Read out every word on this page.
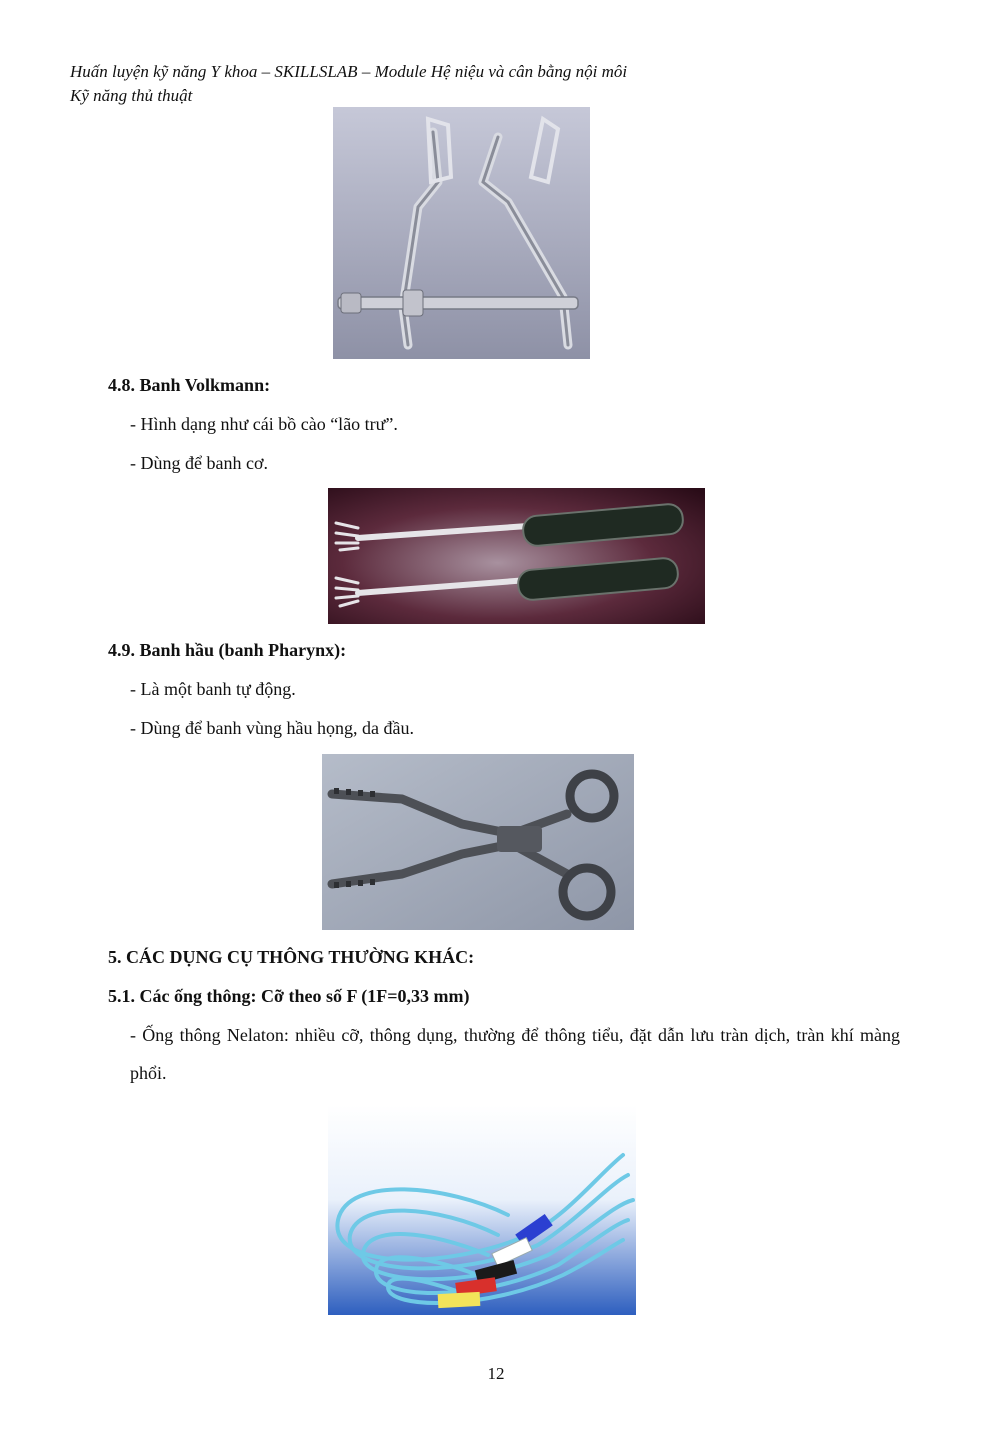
Huấn luyện kỹ năng Y khoa – SKILLSLAB – Module Hệ niệu và cân bằng nội môi
Kỹ năng thủ thuật
4.8. Banh Volkmann:
- Hình dạng như cái bồ cào “lão trư”.
- Dùng để banh cơ.
4.9. Banh hầu (banh Pharynx):
- Là một banh tự động.
- Dùng để banh vùng hầu họng, da đầu.
5. CÁC DỤNG CỤ THÔNG THƯỜNG KHÁC:
5.1. Các ống thông: Cỡ theo số F (1F=0,33 mm)
- Ống thông Nelaton: nhiều cỡ, thông dụng, thường để thông tiểu, đặt dẫn lưu tràn dịch, tràn khí màng phổi.
12
